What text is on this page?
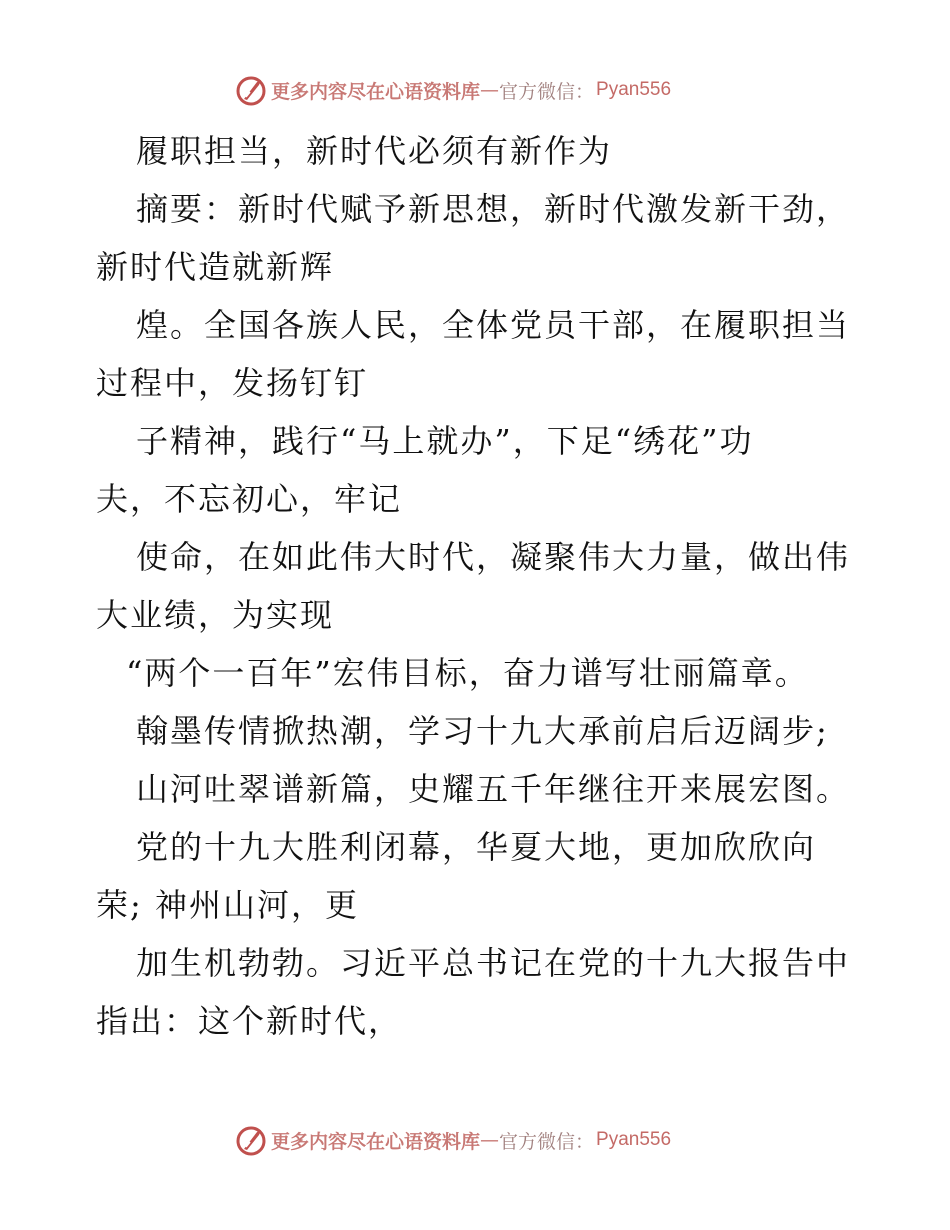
更多内容尽在心语资料库 — 官方微信： Pyan556
履职担当，新时代必须有新作为
摘要：新时代赋予新思想，新时代激发新干劲，
新时代造就新辉
煌。全国各族人民，全体党员干部，在履职担当
过程中，发扬钉钉
子精神，践行“马上就办”，下足“绣花”功
夫，不忘初心，牢记
使命，在如此伟大时代，凝聚伟大力量，做出伟
大业绩，为实现
“两个一百年”宏伟目标，奋力谱写壮丽篇章。
翰墨传情掀热潮，学习十九大承前启后迈阔步;
山河吐翠谱新篇，史耀五千年继往开来展宏图。
党的十九大胜利闭幕，华夏大地，更加欣欣向
荣; 神州山河，更
加生机勃勃。习近平总书记在党的十九大报告中
指出：这个新时代，
更多内容尽在心语资料库 — 官方微信： Pyan556
